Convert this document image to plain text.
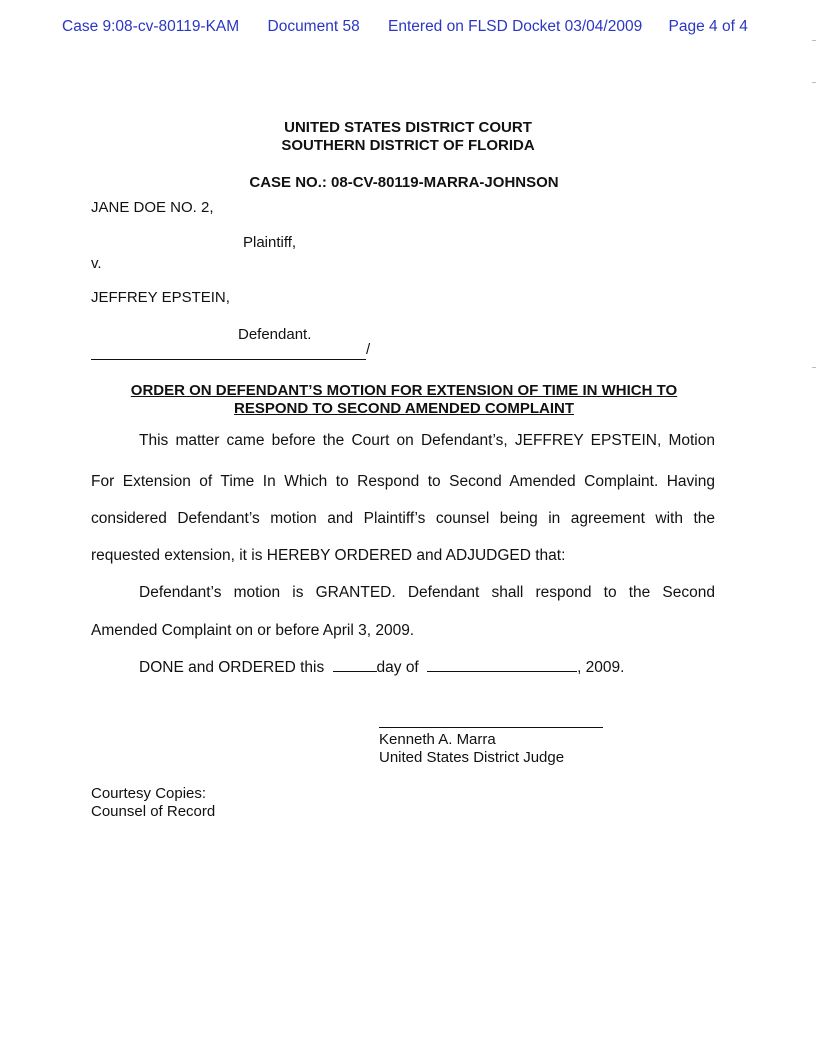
Case 9:08-cv-80119-KAM Document 58 Entered on FLSD Docket 03/04/2009 Page 4 of 4
UNITED STATES DISTRICT COURT
SOUTHERN DISTRICT OF FLORIDA
CASE NO.: 08-CV-80119-MARRA-JOHNSON
JANE DOE NO. 2,
Plaintiff,
v.
JEFFREY EPSTEIN,
Defendant.
/
ORDER ON DEFENDANT’S MOTION FOR EXTENSION OF TIME IN WHICH TO
RESPOND TO SECOND AMENDED COMPLAINT
This matter came before the Court on Defendant’s, JEFFREY EPSTEIN, Motion
For Extension of Time In Which to Respond to Second Amended Complaint. Having
considered Defendant’s motion and Plaintiff’s counsel being in agreement with the
requested extension, it is HEREBY ORDERED and ADJUDGED that:
Defendant’s motion is GRANTED. Defendant shall respond to the Second
Amended Complaint on or before April 3, 2009.
DONE and ORDERED this	day of	, 2009.
Kenneth A. Marra
United States District Judge
Courtesy Copies:
Counsel of Record
